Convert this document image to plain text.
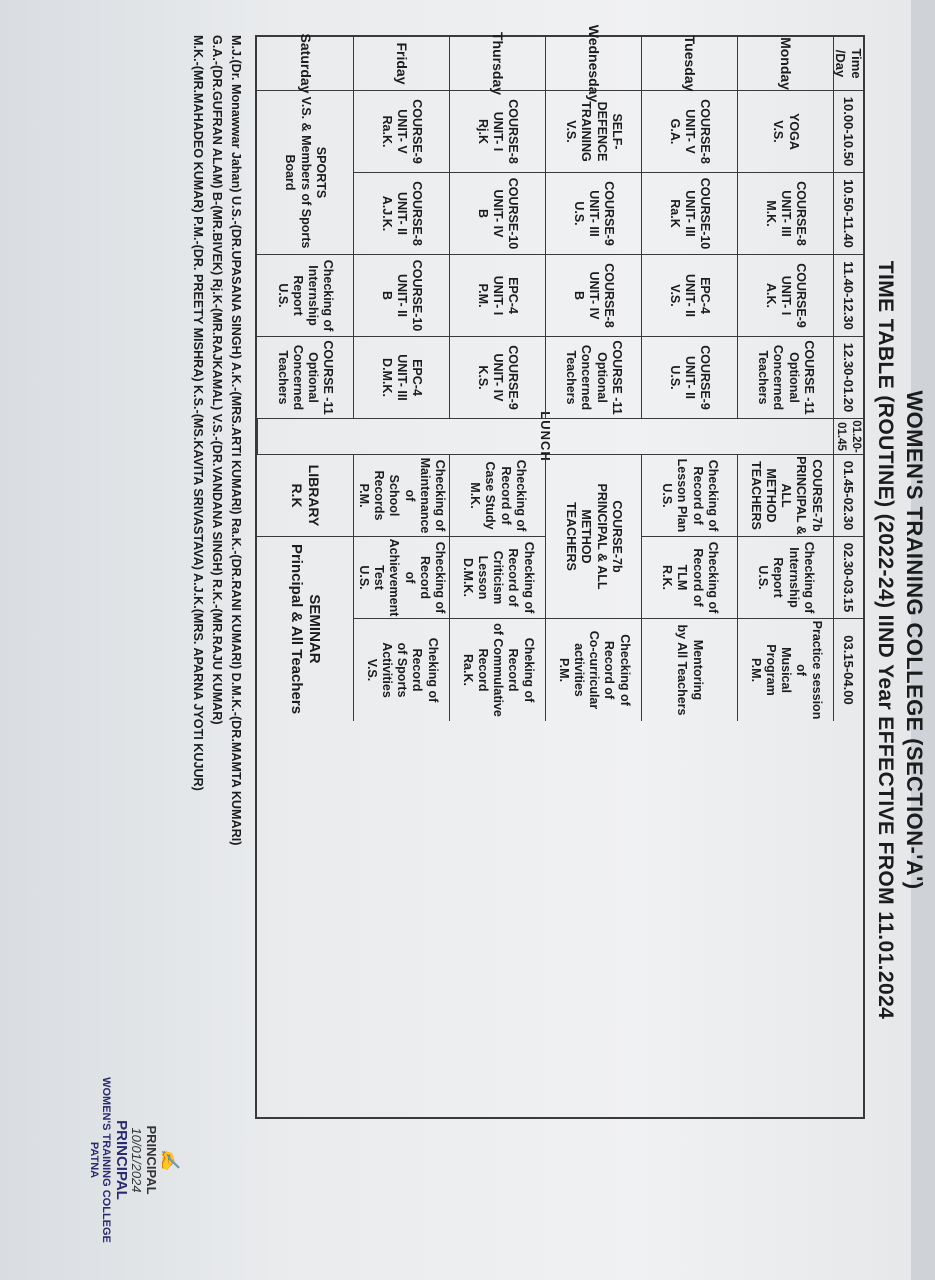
WOMEN'S TRAINING COLLEGE (SECTION-'A')
TIME TABLE (ROUTINE) (2022-24) IIND Year EFFECTIVE FROM 11.01.2024
Time /Day
10.00-10.50
10.50-11.40
11.40-12.30
12.30-01.20
01.20-01.45
01.45-02.30
02.30-03.15
03.15-04.00
LUNCH
Monday
YOGA
V.S.
COURSE-8
UNIT- III
M.K.
COURSE-9
UNIT- I
A.K.
COURSE -11
Optional
Concerned
Teachers
COURSE-7b
PRINCIPAL & ALL
METHOD
TEACHERS
Checking of
Internship
Report
U.S.
Practice session of
Musical Program
P.M.
Tuesday
COURSE-8
UNIT- V
G.A.
COURSE-10
UNIT- III
Ra.K
EPC-4
UNIT- II
V.S.
COURSE-9
UNIT- II
U.S.
Checking of
Record of
Lesson Plan
U.S.
Checking of
Record of TLM
R.K.
Mentoring
by All Teachers
Wednesday
SELF-DEFENCE
TRAINING
V.S.
COURSE-9
UNIT- III
U.S.
COURSE-8
UNIT- IV
B
COURSE -11
Optional
Concerned
Teachers
COURSE-7b
PRINCIPAL & ALL METHOD
TEACHERS
Checking of Record of
Co-curricular
activities
P.M.
Thursday
COURSE-8
UNIT- I
Rj.K
COURSE-10
UNIT- IV
B
EPC-4
UNIT- I
P.M.
COURSE-9
UNIT- IV
K.S.
Checking of
Record of
Case Study
M.K.
Checking of
Record of
Criticism Lesson
D.M.K.
Cheking of Record
of Commulative
Record
Ra.K.
Friday
COURSE-9
UNIT- V
Ra.K.
COURSE-8
UNIT- II
A.J.K.
COURSE-10
UNIT- II
B
EPC-4
UNIT- III
D.M.K.
Checking of
Maintenance of
School Records
P.M.
Checking of Record
of Achievement
Test
U.S.
Cheking of Record
of Sports Activities
V.S.
Saturday
SPORTS
V.S. & Members of Sports
Board
Checking of
Internship
Report
U.S.
COURSE -11
Optional
Concerned
Teachers
LIBRARY
R.K
SEMINAR
Principal & All Teachers
M.J.(Dr. Monawwar Jahan) U.S.-(DR.UPASANA SINGH) A.K.-(MRS.ARTI KUMARI) Ra.K.-(DR.RANI KUMARI) D.M.K.-(DR.MAMTA KUMARI)
G.A.-(DR.GUFRAN ALAM) B-(MR.BIVEK) Rj.K-(MR.RAJKAMAL) V.S.-(DR.VANDANA SINGH) R.K.-(MR.RAJU KUMAR)
M.K.-(MR.MAHADEO KUMAR) P.M.-(DR. PREETY MISHRA) K.S.-(MS.KAVITA SRIVASTAVA) A.J.K.(MRS. APARNA JYOTI KUJUR)
✍
PRINCIPAL
10/01/2024
PRINCIPAL
WOMEN'S TRAINING COLLEGE
PATNA
